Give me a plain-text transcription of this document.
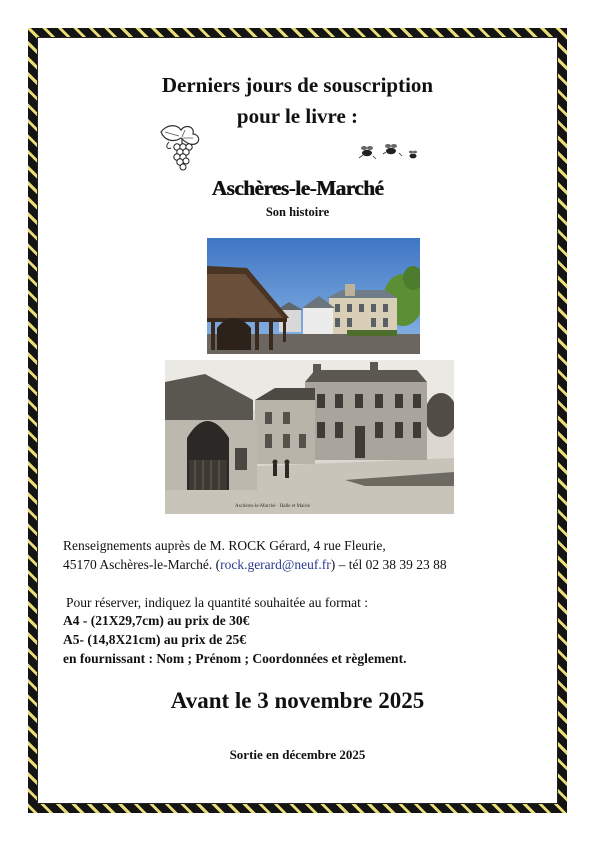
Derniers jours de souscription
pour le livre :
Aschères-le-Marché
Son histoire
Aschères-le-Marché · Halle et Mairie
Renseignements auprès de M. ROCK Gérard, 4 rue Fleurie,
45170 Aschères-le-Marché. (rock.gerard@neuf.fr) – tél 02 38 39 23 88
Pour réserver, indiquez la quantité souhaitée au format :
A4 - (21X29,7cm) au prix de 30€
A5- (14,8X21cm) au prix de 25€
en fournissant : Nom ; Prénom ; Coordonnées et règlement.
Avant le 3 novembre 2025
Sortie en décembre 2025
